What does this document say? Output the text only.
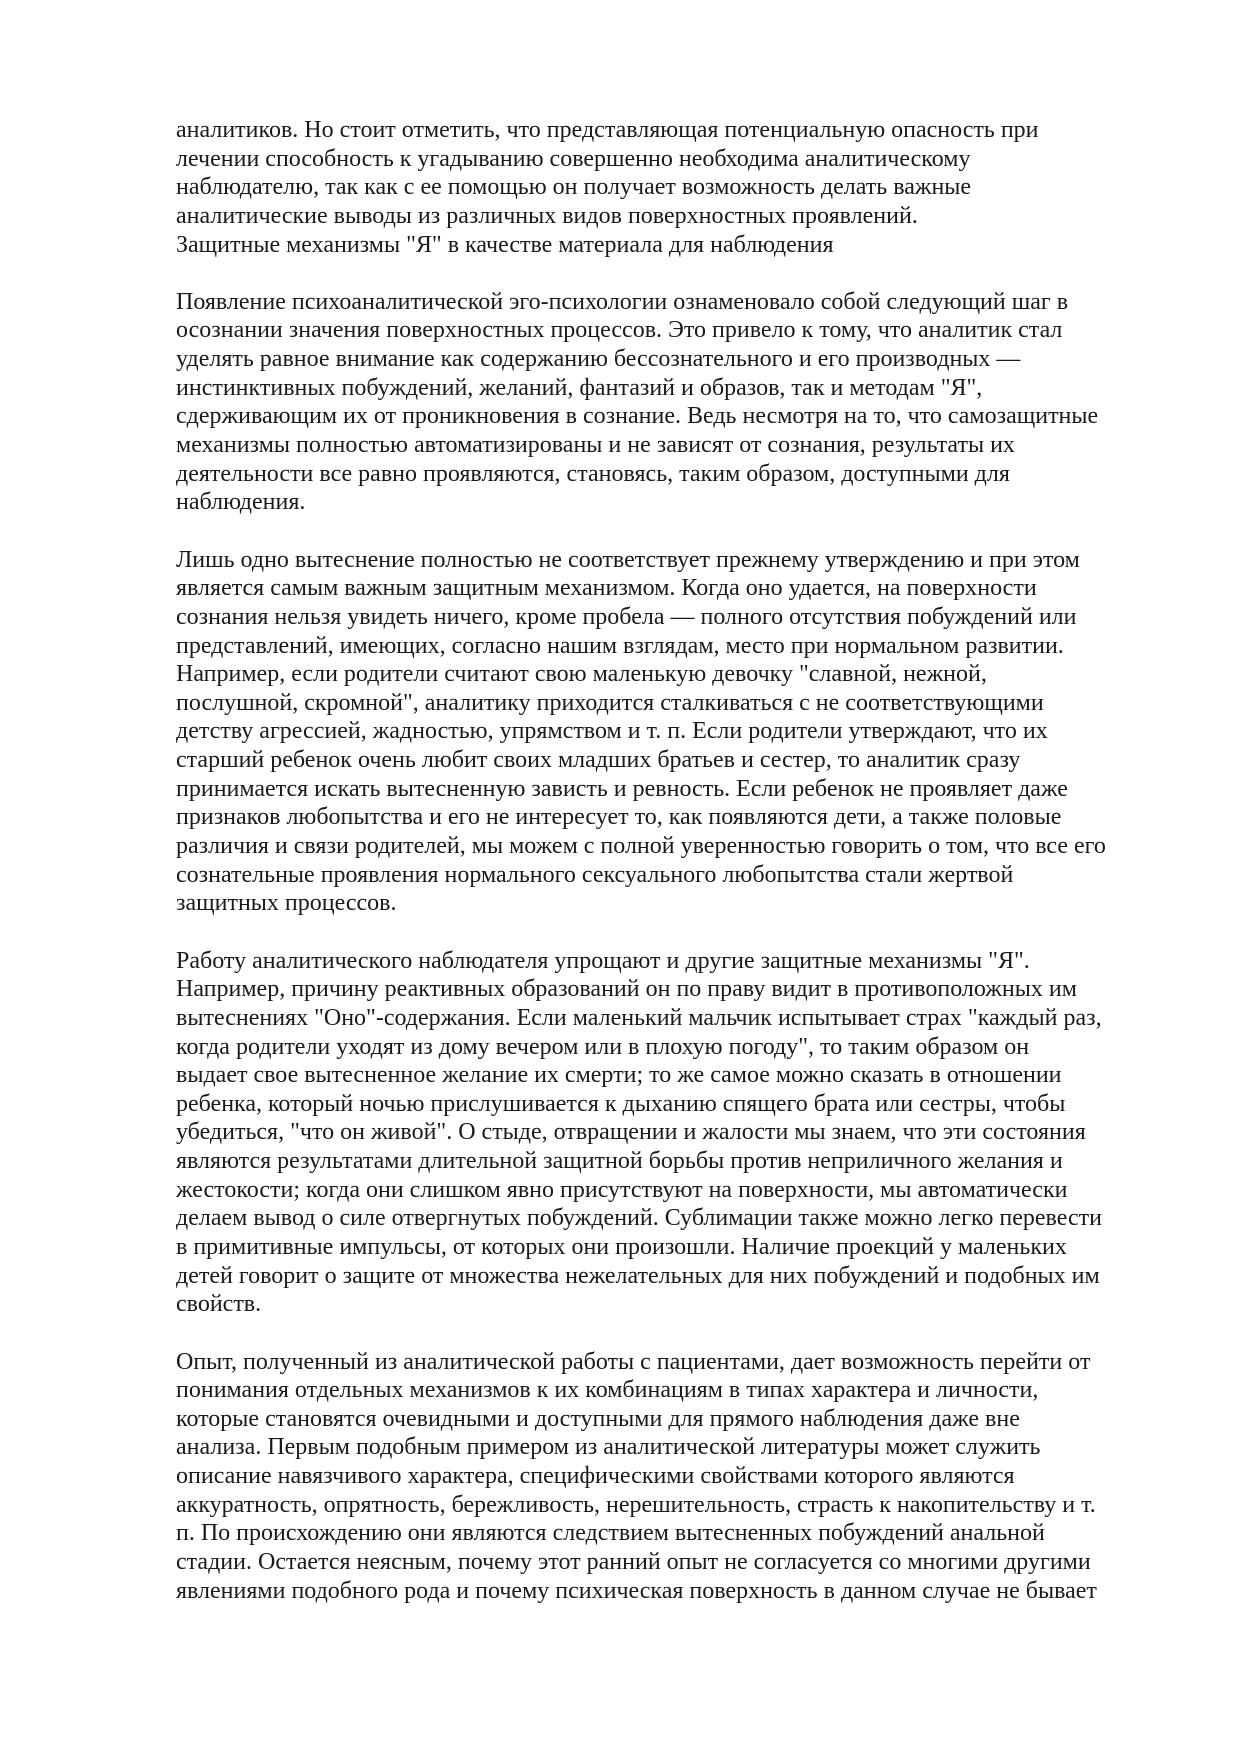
аналитиков. Но стоит отметить, что представляющая потенциальную опасность при
лечении способность к угадыванию совершенно необходима аналитическому
наблюдателю, так как с ее помощью он получает возможность делать важные
аналитические выводы из различных видов поверхностных проявлений.
Защитные механизмы "Я" в качестве материала для наблюдения
Появление психоаналитической эго-психологии ознаменовало собой следующий шаг в
осознании значения поверхностных процессов. Это привело к тому, что аналитик стал
уделять равное внимание как содержанию бессознательного и его производных —
инстинктивных побуждений, желаний, фантазий и образов, так и методам "Я",
сдерживающим их от проникновения в сознание. Ведь несмотря на то, что самозащитные
механизмы полностью автоматизированы и не зависят от сознания, результаты их
деятельности все равно проявляются, становясь, таким образом, доступными для
наблюдения.
Лишь одно вытеснение полностью не соответствует прежнему утверждению и при этом
является самым важным защитным механизмом. Когда оно удается, на поверхности
сознания нельзя увидеть ничего, кроме пробела — полного отсутствия побуждений или
представлений, имеющих, согласно нашим взглядам, место при нормальном развитии.
Например, если родители считают свою маленькую девочку "славной, нежной,
послушной, скромной", аналитику приходится сталкиваться с не соответствующими
детству агрессией, жадностью, упрямством и т. п. Если родители утверждают, что их
старший ребенок очень любит своих младших братьев и сестер, то аналитик сразу
принимается искать вытесненную зависть и ревность. Если ребенок не проявляет даже
признаков любопытства и его не интересует то, как появляются дети, а также половые
различия и связи родителей, мы можем с полной уверенностью говорить о том, что все его
сознательные проявления нормального сексуального любопытства стали жертвой
защитных процессов.
Работу аналитического наблюдателя упрощают и другие защитные механизмы "Я".
Например, причину реактивных образований он по праву видит в противоположных им
вытеснениях "Оно"-содержания. Если маленький мальчик испытывает страх "каждый раз,
когда родители уходят из дому вечером или в плохую погоду", то таким образом он
выдает свое вытесненное желание их смерти; то же самое можно сказать в отношении
ребенка, который ночью прислушивается к дыханию спящего брата или сестры, чтобы
убедиться, "что он живой". О стыде, отвращении и жалости мы знаем, что эти состояния
являются результатами длительной защитной борьбы против неприличного желания и
жестокости; когда они слишком явно присутствуют на поверхности, мы автоматически
делаем вывод о силе отвергнутых побуждений. Сублимации также можно легко перевести
в примитивные импульсы, от которых они произошли. Наличие проекций у маленьких
детей говорит о защите от множества нежелательных для них побуждений и подобных им
свойств.
Опыт, полученный из аналитической работы с пациентами, дает возможность перейти от
понимания отдельных механизмов к их комбинациям в типах характера и личности,
которые становятся очевидными и доступными для прямого наблюдения даже вне
анализа. Первым подобным примером из аналитической литературы может служить
описание навязчивого характера, специфическими свойствами которого являются
аккуратность, опрятность, бережливость, нерешительность, страсть к накопительству и т.
п. По происхождению они являются следствием вытесненных побуждений анальной
стадии. Остается неясным, почему этот ранний опыт не согласуется со многими другими
явлениями подобного рода и почему психическая поверхность в данном случае не бывает
